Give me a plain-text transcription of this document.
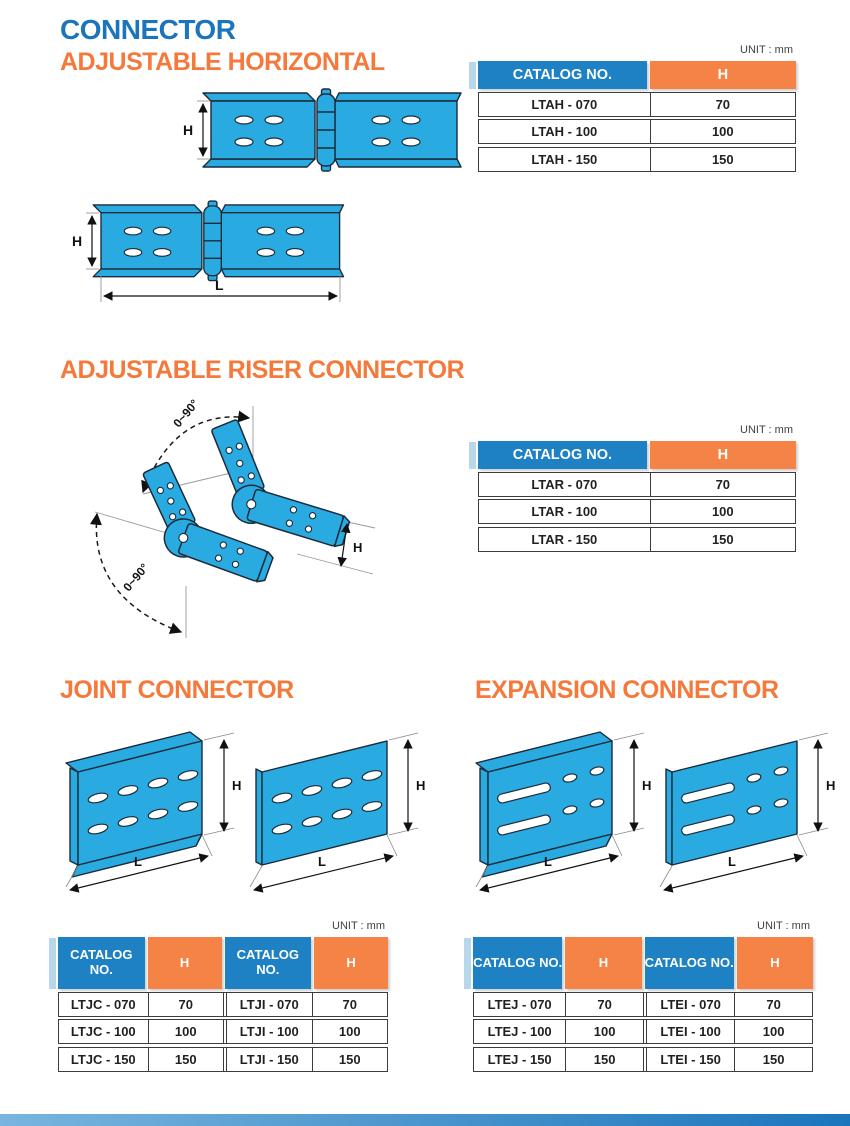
CONNECTOR
ADJUSTABLE HORIZONTAL
H
H
L
UNIT : mm
CATALOG NO.	H
LTAH - 070	70
LTAH - 100	100
LTAH - 150	150
ADJUSTABLE RISER CONNECTOR
0~90°
0~90°
H
UNIT : mm
CATALOG NO.	H
LTAR - 070	70
LTAR - 100	100
LTAR - 150	150
JOINT CONNECTOR	EXPANSION CONNECTOR
H
L
H
L
H
L
H
L
UNIT : mm
CATALOG NO.	H	CATALOG NO.	H
LTJC - 070	70	LTJI - 070	70
LTJC - 100	100	LTJI - 100	100
LTJC - 150	150	LTJI - 150	150
UNIT : mm
CATALOG NO.	H	CATALOG NO.	H
LTEJ - 070	70	LTEI - 070	70
LTEJ - 100	100	LTEI - 100	100
LTEJ - 150	150	LTEI - 150	150
